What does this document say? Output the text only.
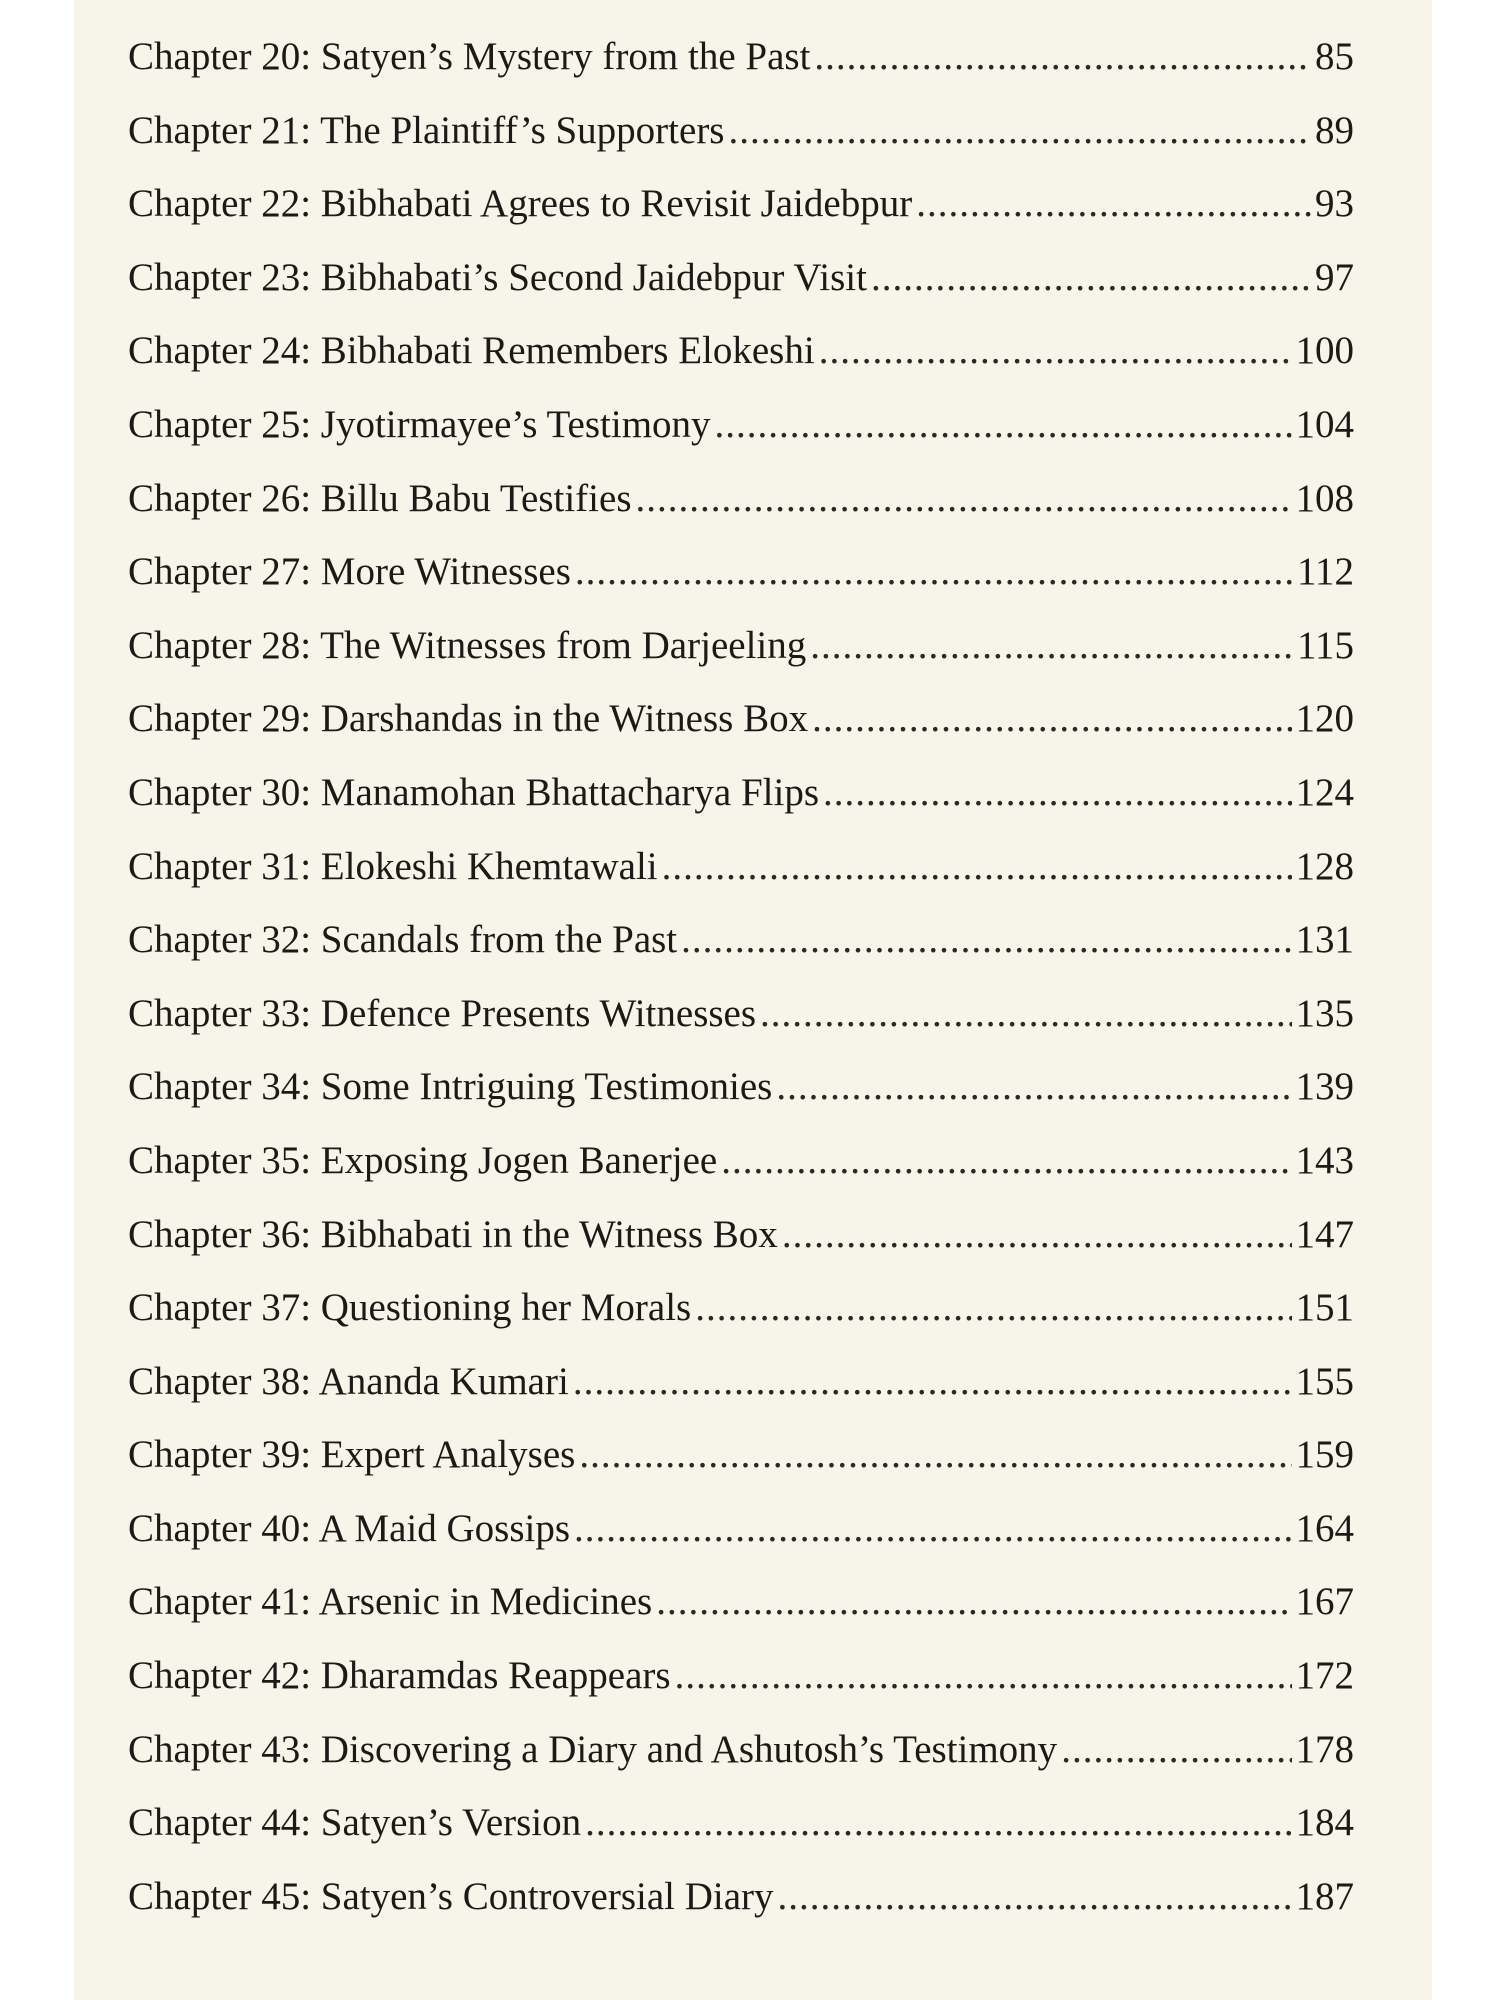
Chapter 20: Satyen’s Mystery from the Past .....	85
Chapter 21: The Plaintiff’s Supporters .....	89
Chapter 22: Bibhabati Agrees to Revisit Jaidebpur .....	93
Chapter 23: Bibhabati’s Second Jaidebpur Visit .....	97
Chapter 24: Bibhabati Remembers Elokeshi .....	100
Chapter 25: Jyotirmayee’s Testimony .....	104
Chapter 26: Billu Babu Testifies .....	108
Chapter 27: More Witnesses .....	112
Chapter 28: The Witnesses from Darjeeling .....	115
Chapter 29: Darshandas in the Witness Box .....	120
Chapter 30: Manamohan Bhattacharya Flips .....	124
Chapter 31: Elokeshi Khemtawali .....	128
Chapter 32: Scandals from the Past .....	131
Chapter 33: Defence Presents Witnesses .....	135
Chapter 34: Some Intriguing Testimonies .....	139
Chapter 35: Exposing Jogen Banerjee .....	143
Chapter 36: Bibhabati in the Witness Box .....	147
Chapter 37: Questioning her Morals .....	151
Chapter 38: Ananda Kumari .....	155
Chapter 39: Expert Analyses .....	159
Chapter 40: A Maid Gossips .....	164
Chapter 41: Arsenic in Medicines .....	167
Chapter 42: Dharamdas Reappears .....	172
Chapter 43: Discovering a Diary and Ashutosh’s Testimony .....	178
Chapter 44: Satyen’s Version .....	184
Chapter 45: Satyen’s Controversial Diary .....	187
